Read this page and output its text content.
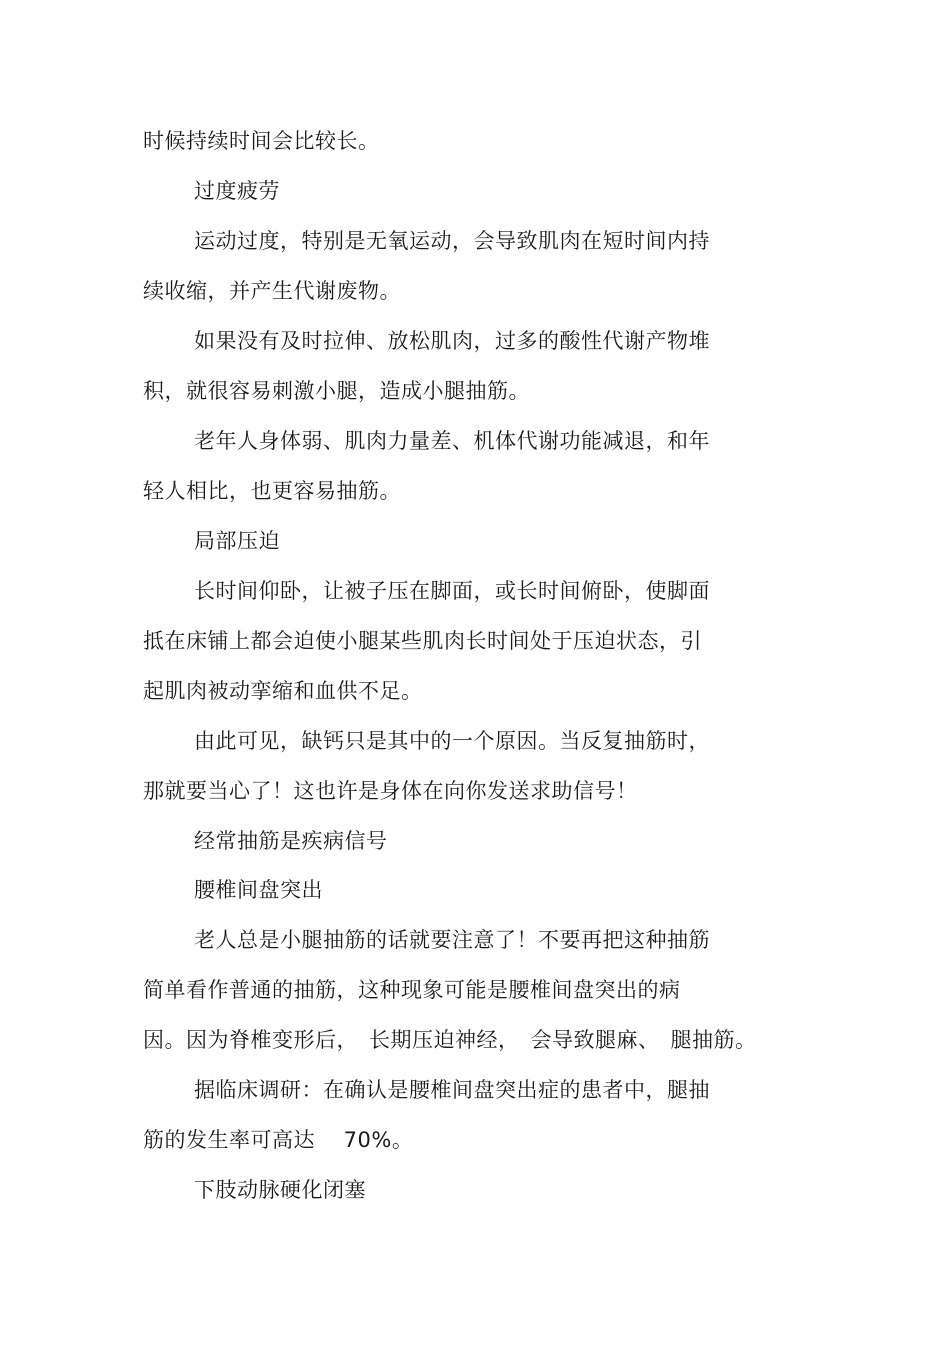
时候持续时间会比较长。
过度疲劳
运动过度，特别是无氧运动，会导致肌肉在短时间内持
续收缩，并产生代谢废物。
如果没有及时拉伸、放松肌肉，过多的酸性代谢产物堆
积，就很容易刺激小腿，造成小腿抽筋。
老年人身体弱、肌肉力量差、机体代谢功能减退，和年
轻人相比，也更容易抽筋。
局部压迫
长时间仰卧，让被子压在脚面，或长时间俯卧，使脚面
抵在床铺上都会迫使小腿某些肌肉长时间处于压迫状态，引
起肌肉被动挛缩和血供不足。
由此可见，缺钙只是其中的一个原因。当反复抽筋时，
那就要当心了！这也许是身体在向你发送求助信号！
经常抽筋是疾病信号
腰椎间盘突出
老人总是小腿抽筋的话就要注意了！不要再把这种抽筋
简单看作普通的抽筋，这种现象可能是腰椎间盘突出的病
因。因为脊椎变形后，　长期压迫神经，　会导致腿麻、　腿抽筋。
据临床调研：在确认是腰椎间盘突出症的患者中，腿抽
筋的发生率可高达　 70%。
下肢动脉硬化闭塞
